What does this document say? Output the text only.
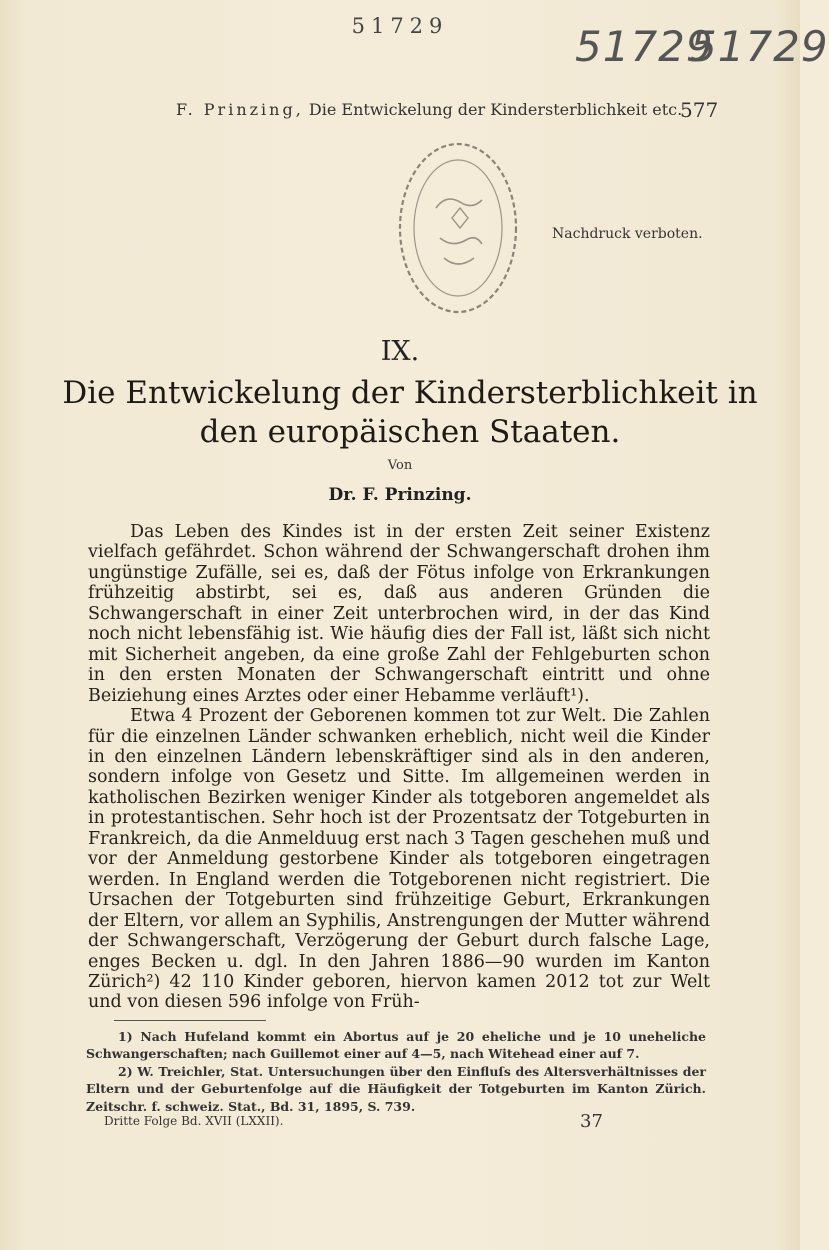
51729	51729
51729
F. Prinzing, Die Entwickelung der Kindersterblichkeit etc.
577
Nachdruck verboten.
IX.
Die Entwickelung der Kindersterblichkeit in
den europäischen Staaten.
Von
Dr. F. Prinzing.

Das Leben des Kindes ist in der ersten Zeit seiner Existenz vielfach gefährdet. Schon während der Schwangerschaft drohen ihm ungünstige Zufälle, sei es, daß der Fötus infolge von Erkrankungen frühzeitig abstirbt, sei es, daß aus anderen Gründen die Schwangerschaft in einer Zeit unterbrochen wird, in der das Kind noch nicht lebensfähig ist. Wie häufig dies der Fall ist, läßt sich nicht mit Sicherheit angeben, da eine große Zahl der Fehlgeburten schon in den ersten Monaten der Schwangerschaft eintritt und ohne Beiziehung eines Arztes oder einer Hebamme verläuft¹).

Etwa 4 Prozent der Geborenen kommen tot zur Welt. Die Zahlen für die einzelnen Länder schwanken erheblich, nicht weil die Kinder in den einzelnen Ländern lebenskräftiger sind als in den anderen, sondern infolge von Gesetz und Sitte. Im allgemeinen werden in katholischen Bezirken weniger Kinder als totgeboren angemeldet als in protestantischen. Sehr hoch ist der Prozentsatz der Totgeburten in Frankreich, da die Anmelduug erst nach 3 Tagen geschehen muß und vor der Anmeldung gestorbene Kinder als totgeboren eingetragen werden. In England werden die Totgeborenen nicht registriert. Die Ursachen der Totgeburten sind frühzeitige Geburt, Erkrankungen der Eltern, vor allem an Syphilis, Anstrengungen der Mutter während der Schwangerschaft, Verzögerung der Geburt durch falsche Lage, enges Becken u. dgl. In den Jahren 1886—90 wurden im Kanton Zürich²) 42 110 Kinder geboren, hiervon kamen 2012 tot zur Welt und von diesen 596 infolge von Früh-

1) Nach Hufeland kommt ein Abortus auf je 20 eheliche und je 10 uneheliche Schwangerschaften; nach Guillemot einer auf 4—5, nach Witehead einer auf 7.

2) W. Treichler, Stat. Untersuchungen über den Einfluſs des Altersverhältnisses der Eltern und der Geburtenfolge auf die Häufigkeit der Totgeburten im Kanton Zürich. Zeitschr. f. schweiz. Stat., Bd. 31, 1895, S. 739.

Dritte Folge Bd. XVII (LXXII).	37
